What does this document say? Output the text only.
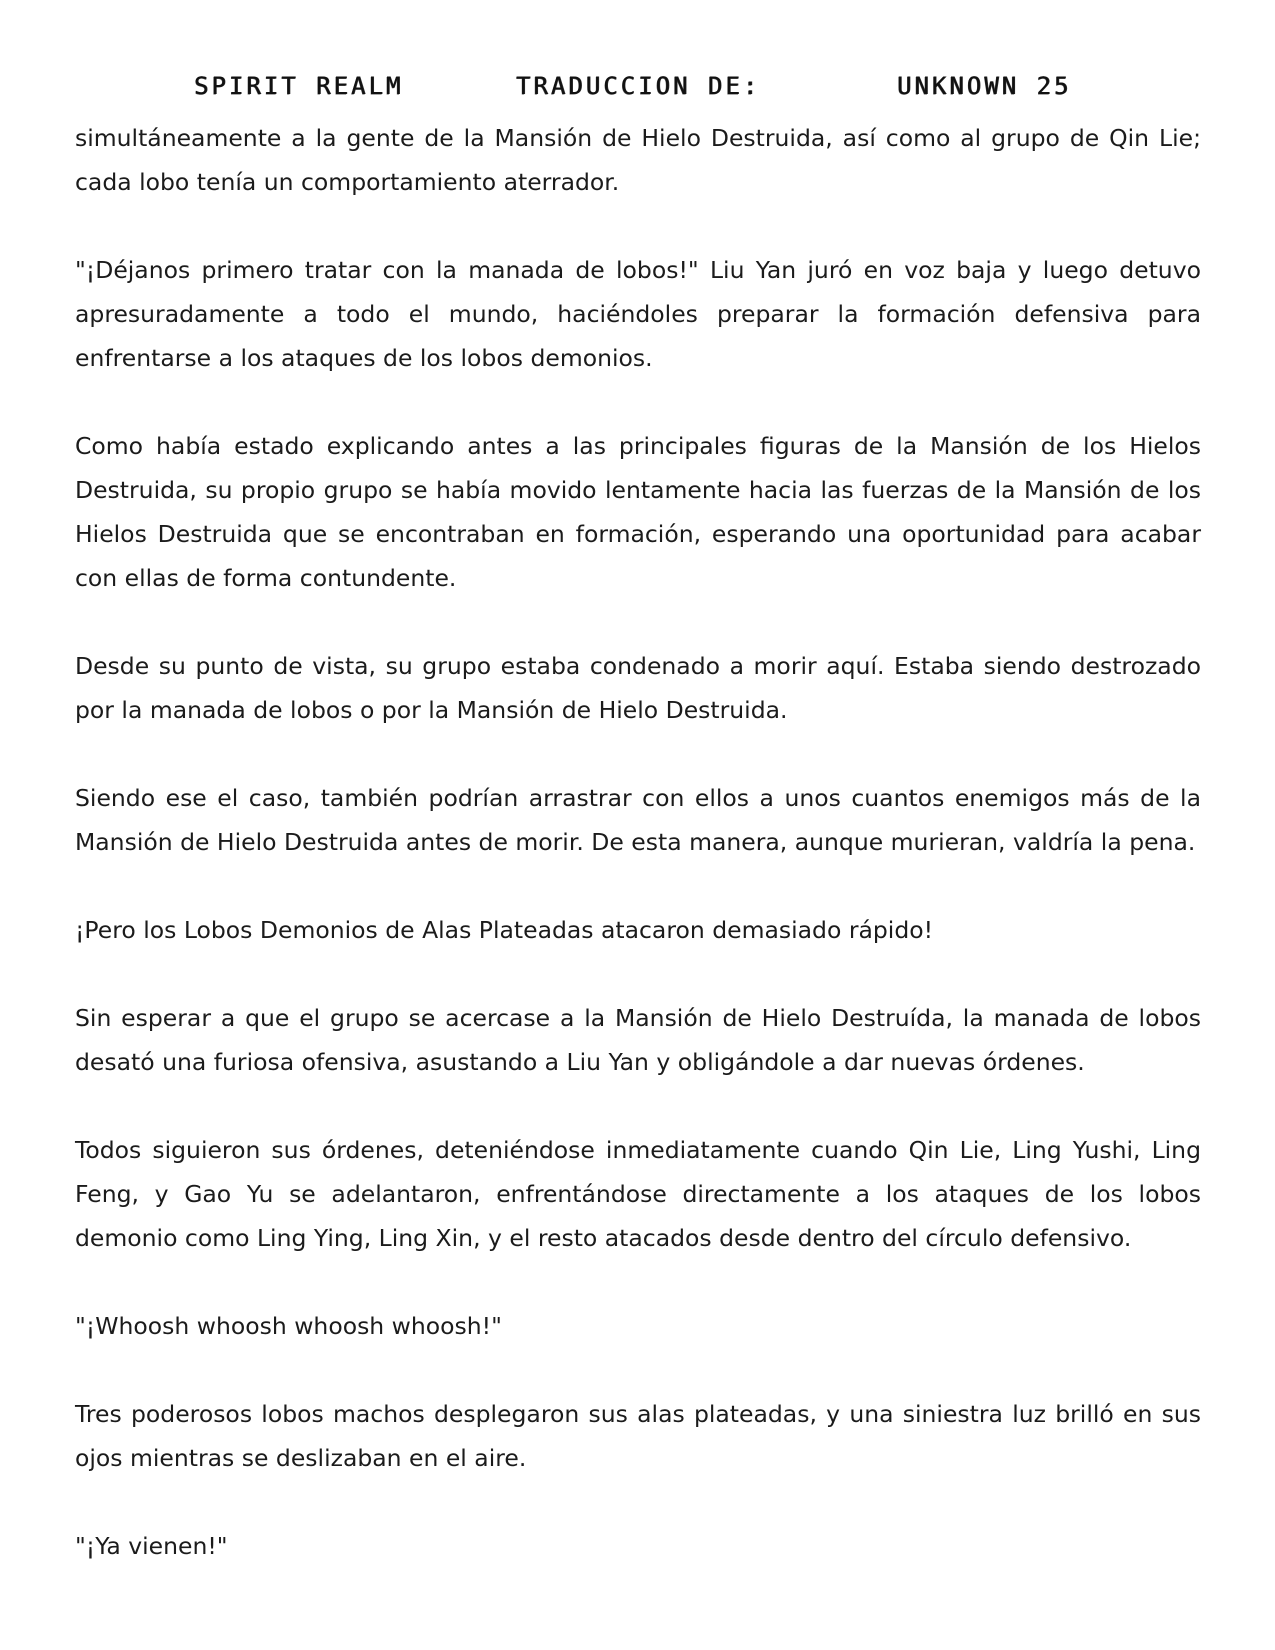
SPIRIT REALM	TRADUCCION DE:	UNKNOWN 25

simultáneamente a la gente de la Mansión de Hielo Destruida, así como al grupo de Qin Lie; cada lobo tenía un comportamiento aterrador.

"¡Déjanos primero tratar con la manada de lobos!" Liu Yan juró en voz baja y luego detuvo apresuradamente a todo el mundo, haciéndoles preparar la formación defensiva para enfrentarse a los ataques de los lobos demonios.

Como había estado explicando antes a las principales figuras de la Mansión de los Hielos Destruida, su propio grupo se había movido lentamente hacia las fuerzas de la Mansión de los Hielos Destruida que se encontraban en formación, esperando una oportunidad para acabar con ellas de forma contundente.

Desde su punto de vista, su grupo estaba condenado a morir aquí. Estaba siendo destrozado por la manada de lobos o por la Mansión de Hielo Destruida.

Siendo ese el caso, también podrían arrastrar con ellos a unos cuantos enemigos más de la Mansión de Hielo Destruida antes de morir. De esta manera, aunque murieran, valdría la pena.

¡Pero los Lobos Demonios de Alas Plateadas atacaron demasiado rápido!

Sin esperar a que el grupo se acercase a la Mansión de Hielo Destruída, la manada de lobos desató una furiosa ofensiva, asustando a Liu Yan y obligándole a dar nuevas órdenes.

Todos siguieron sus órdenes, deteniéndose inmediatamente cuando Qin Lie, Ling Yushi, Ling Feng, y Gao Yu se adelantaron, enfrentándose directamente a los ataques de los lobos demonio como Ling Ying, Ling Xin, y el resto atacados desde dentro del círculo defensivo.

"¡Whoosh whoosh whoosh whoosh!"

Tres poderosos lobos machos desplegaron sus alas plateadas, y una siniestra luz brilló en sus ojos mientras se deslizaban en el aire.

"¡Ya vienen!"
